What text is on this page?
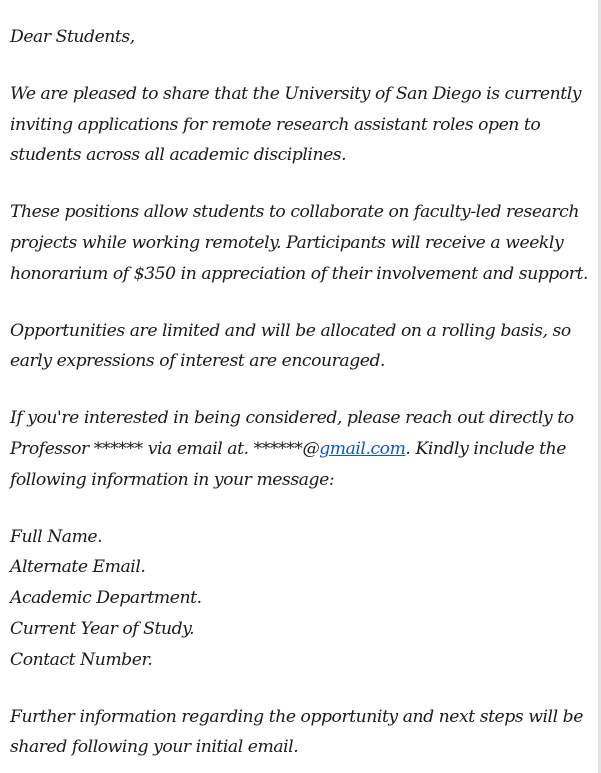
Dear Students,

We are pleased to share that the University of San Diego is currently inviting applications for remote research assistant roles open to students across all academic disciplines.

These positions allow students to collaborate on faculty-led research projects while working remotely. Participants will receive a weekly honorarium of $350 in appreciation of their involvement and support.

Opportunities are limited and will be allocated on a rolling basis, so early expressions of interest are encouraged.

If you're interested in being considered, please reach out directly to Professor ****** via email at. ******@gmail.com. Kindly include the following information in your message:

Full Name.
Alternate Email.
Academic Department.
Current Year of Study.
Contact Number.

Further information regarding the opportunity and next steps will be shared following your initial email.
